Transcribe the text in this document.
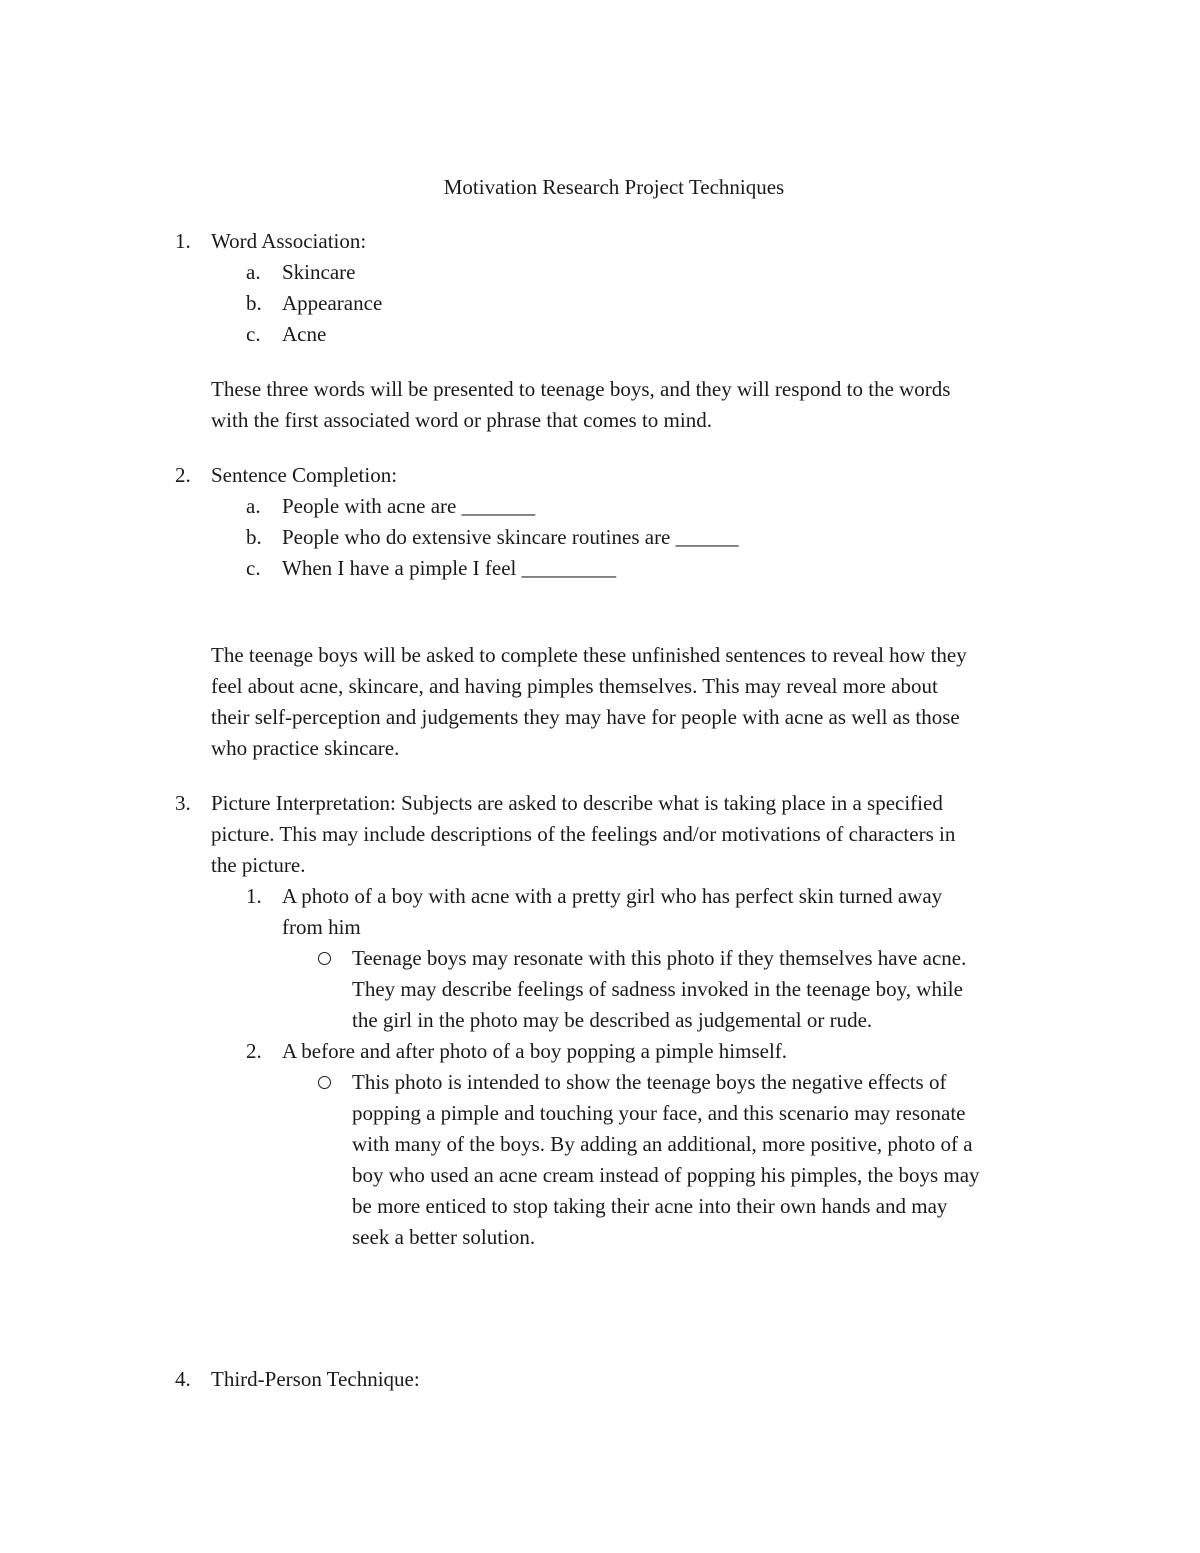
Motivation Research Project Techniques
1. Word Association:
a. Skincare
b. Appearance
c. Acne
These three words will be presented to teenage boys, and they will respond to the words
with the first associated word or phrase that comes to mind.
2. Sentence Completion:
a. People with acne are _______
b. People who do extensive skincare routines are ______
c. When I have a pimple I feel _________
The teenage boys will be asked to complete these unfinished sentences to reveal how they
feel about acne, skincare, and having pimples themselves. This may reveal more about
their self-perception and judgements they may have for people with acne as well as those
who practice skincare.
3. Picture Interpretation: Subjects are asked to describe what is taking place in a specified
picture. This may include descriptions of the feelings and/or motivations of characters in
the picture.
1. A photo of a boy with acne with a pretty girl who has perfect skin turned away
from him
Teenage boys may resonate with this photo if they themselves have acne.
They may describe feelings of sadness invoked in the teenage boy, while
the girl in the photo may be described as judgemental or rude.
2. A before and after photo of a boy popping a pimple himself.
This photo is intended to show the teenage boys the negative effects of
popping a pimple and touching your face, and this scenario may resonate
with many of the boys. By adding an additional, more positive, photo of a
boy who used an acne cream instead of popping his pimples, the boys may
be more enticed to stop taking their acne into their own hands and may
seek a better solution.
4. Third-Person Technique:
